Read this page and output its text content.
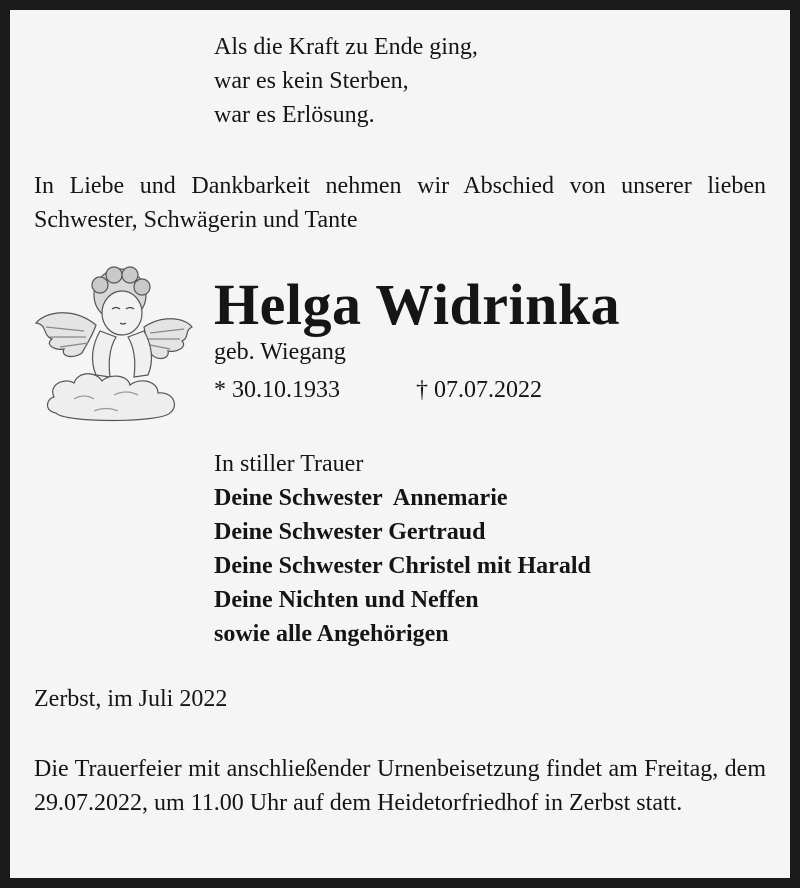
Als die Kraft zu Ende ging,
war es kein Sterben,
war es Erlösung.
In Liebe und Dankbarkeit nehmen wir Abschied von unserer lieben Schwester, Schwägerin und Tante
Helga Widrinka
geb. Wiegang
* 30.10.1933	† 07.07.2022
In stiller Trauer
Deine Schwester  Annemarie
Deine Schwester Gertraud
Deine Schwester Christel mit Harald
Deine Nichten und Neffen
sowie alle Angehörigen
Zerbst, im Juli 2022
Die Trauerfeier mit anschließender Urnenbeisetzung findet am Freitag, dem 29.07.2022, um 11.00 Uhr auf dem Heidetorfriedhof in Zerbst statt.
